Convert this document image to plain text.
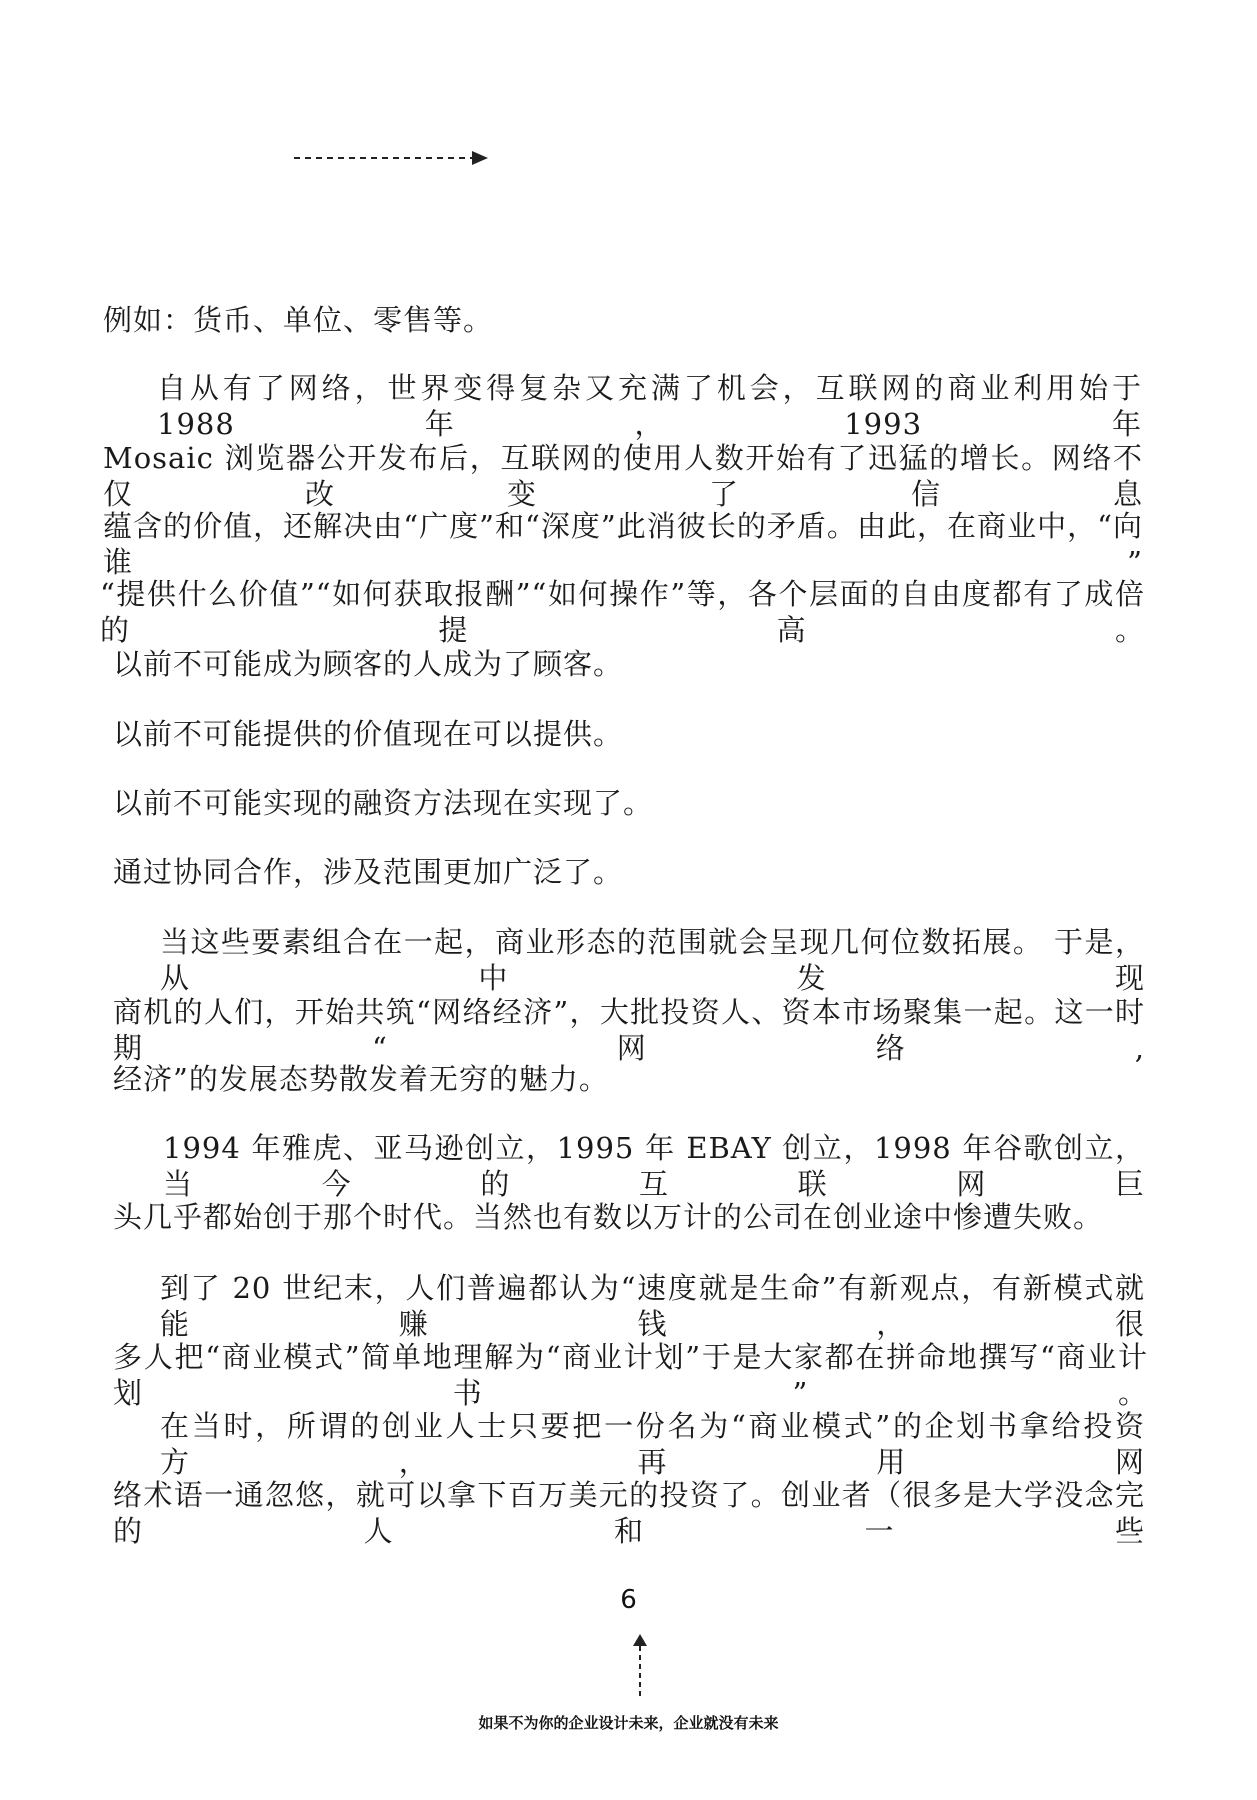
例如：货币、单位、零售等。
自从有了网络，世界变得复杂又充满了机会，互联网的商业利用始于 1988 年，1993 年
Mosaic 浏览器公开发布后，互联网的使用人数开始有了迅猛的增长。网络不仅改变了信息
蕴含的价值，还解决由“广度”和“深度”此消彼长的矛盾。由此，在商业中，“向谁”
“提供什么价值”“如何获取报酬”“如何操作”等，各个层面的自由度都有了成倍的提高。
以前不可能成为顾客的人成为了顾客。
以前不可能提供的价值现在可以提供。
以前不可能实现的融资方法现在实现了。
通过协同合作，涉及范围更加广泛了。
当这些要素组合在一起，商业形态的范围就会呈现几何位数拓展。 于是，从中发现
商机的人们，开始共筑“网络经济”，大批投资人、资本市场聚集一起。这一时期“网络,
经济”的发展态势散发着无穷的魅力。
1994 年雅虎、亚马逊创立，1995 年 EBAY 创立，1998 年谷歌创立，当今的互联网巨
头几乎都始创于那个时代。当然也有数以万计的公司在创业途中惨遭失败。
到了 20 世纪末，人们普遍都认为“速度就是生命”有新观点，有新模式就能赚钱，很
多人把“商业模式”简单地理解为“商业计划”于是大家都在拼命地撰写“商业计划书”。
在当时，所谓的创业人士只要把一份名为“商业模式”的企划书拿给投资方，再用网
络术语一通忽悠，就可以拿下百万美元的投资了。创业者（很多是大学没念完的人和一些
6
如果不为你的企业设计未来，企业就没有未来
